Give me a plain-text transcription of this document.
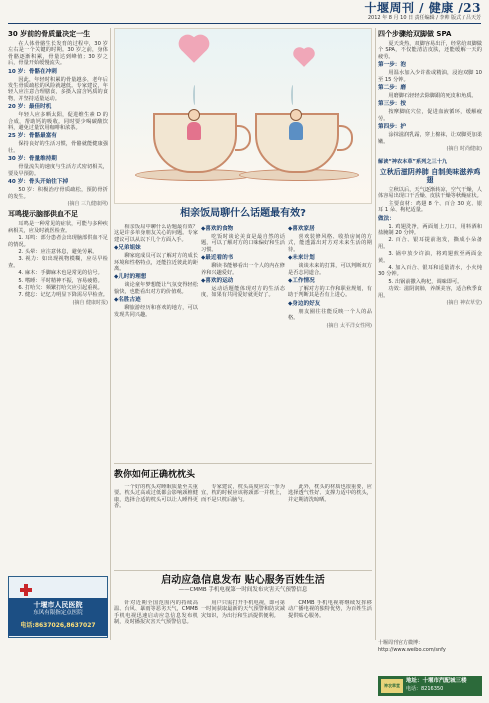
十堰周刊 / 健康 /23
2012 年 8 月 10 日 责任编辑 / 李帅 版式 / 吕天芳
30 岁前的骨质量决定一生

在人体骨骼生长发育的过程中，30 岁左右是一个关键的时期。30 岁之前，身体骨骼逐渐积累，骨量达到峰值；30 岁之后，骨量开始缓慢流失。

10 岁：骨骼在冲刺

因此，年轻时积累的骨量越多，老年后发生骨质疏松的风险就越低。专家建议，年轻人应注意合理膳食，多摄入富含钙质的食物，并坚持适量运动。

20 岁：最佳时机

年轻人应多晒太阳，促进维生素 D 的合成，帮助钙的吸收。同时要少喝碳酸饮料，避免过量饮用咖啡和浓茶。

25 岁：骨骼最富有

保持良好的生活习惯，骨骼就能健康强壮。

30 岁：骨量维持期

骨量流失的速度与生活方式密切相关，要及早预防。

40 岁：骨头开始往下掉

50 岁：积极治疗骨质疏松，预防骨折的发生。

(摘自 三九健康网)
耳鸣提示脑部供血不足

耳鸣是一种常见的症状，可能与多种疾病相关，应及时就医检查。

1. 耳鸣：部分患者会出现脑部供血不足的情况。

2. 头晕：应注意休息，避免劳累。

3. 视力：如出现视物模糊，应尽早检查。

4. 麻木：手脚麻木也是常见的信号。

5. 嗜睡：平时精神不振，容易疲倦。

6. 打哈欠：频繁打哈欠应引起重视。

7. 健忘：记忆力明显下降需尽早检查。

(摘自 健康时报)
十堰市人民医院
东风有限指定点医院
电话:8637026,8637027
相亲饭局聊什么话题最有效?

相亲饭局中聊什么话题最有效？这是许多单身朋友关心的问题。专家建议可以从以下几个方面入手。

◆兄弟姐妹

聊家庭成员可以了解对方的成长环境和性格特点，还能拉近彼此的距离。

◆儿时的理想

谈论童年梦想能让气氛变得轻松愉快，也能看出对方的价值观。

◆名胜古迹

聊旅游经历和喜欢的地方，可以发现共同兴趣。

◆喜欢的食物

吃饭时谈论美食是最自然的话题，可以了解对方的口味偏好和生活习惯。

◆最近看的书

聊读书能够看出一个人的内在修养和兴趣爱好。

◆喜欢的运动

运动话题能体现对方的生活态度，如果有共同爱好就更好了。

◆喜欢家居

喜欢装修风格、收拾房间的方式，能透露出对方对未来生活的期待。

◆未来计划

谈谈未来的打算，可以判断双方是否志同道合。

◆工作情况

了解对方的工作和职业规划，有助于判断其是否有上进心。

◆身边的好友

朋友圈往往能反映一个人的品格。

(摘自 太平洋女性网)
教你如何正确枕枕头

一个好的枕头对睡眠质量至关重要。枕头过高或过低都会影响颈椎健康，选择合适的枕头可以让人睡得更香。

专家建议，枕头高度应以一拳为宜，枕的时候应该将颈部一并枕上，而不是只枕后脑勺。

此外，枕头的材质也很重要，应选择透气性好、支撑力适中的枕头，并定期清洗晾晒。

启动应急信息发布 贴心服务百姓生活
——CMMB 手机电视第一时间发布灾害天气预警信息

针对近期全国范围内的持续高温、台风、暴雨等恶劣天气，CMMB 手机电视迅速启动应急信息发布机制，及时播报灾害天气预警信息。

用户只需打开手机电视，即可第一时间获取最新的天气预警和防灾减灾知识，为出行和生活提供便利。

CMMB 手机电视将继续发挥移动广播电视的独特优势，为百姓生活提供贴心服务。

四个步骤给双脚做 SPA

夏天炎热，双脚容易出汗，经常给双脚做个 SPA，不仅能清洁皮肤，还能缓解一天的疲劳。

第一步：泡

用温水加入少许盐或精油，浸泡双脚 10 至 15 分钟。

第二步：磨

用磨脚石轻轻去除脚跟的死皮和角质。

第三步：按

按摩脚底穴位，促进血液循环，缓解疲劳。

第四步：护

涂抹滋润乳霜，穿上棉袜，让双脚更加柔嫩。

(摘自 时尚健康)
解读“神农本草”系列之三十九
立秋后滋阴养肺 自制美味滋养鸡翅

立秋以后，天气逐渐转凉，空气干燥，人体容易出现口干舌燥、皮肤干燥等秋燥症状。

主要食材：鸡翅 8 个、百合 30 克、银耳 1 朵、枸杞适量。

做法：

1. 鸡翅洗净，两面划上刀口，用料酒和盐腌制 20 分钟。

2. 百合、银耳提前泡发，撕成小朵备用。

3. 锅中放少许油，将鸡翅煎至两面金黄。

4. 加入百合、银耳和适量清水，小火炖 30 分钟。

5. 出锅前撒入枸杞，调味即可。

功效：滋阴润肺，养颜美容，适合秋季食用。

(摘自 神农草堂)
十堰周刊官方微博：
http://www.weibo.com/snfy
神农草堂
地址：十堰市汽配城三楼
电话：8216350
